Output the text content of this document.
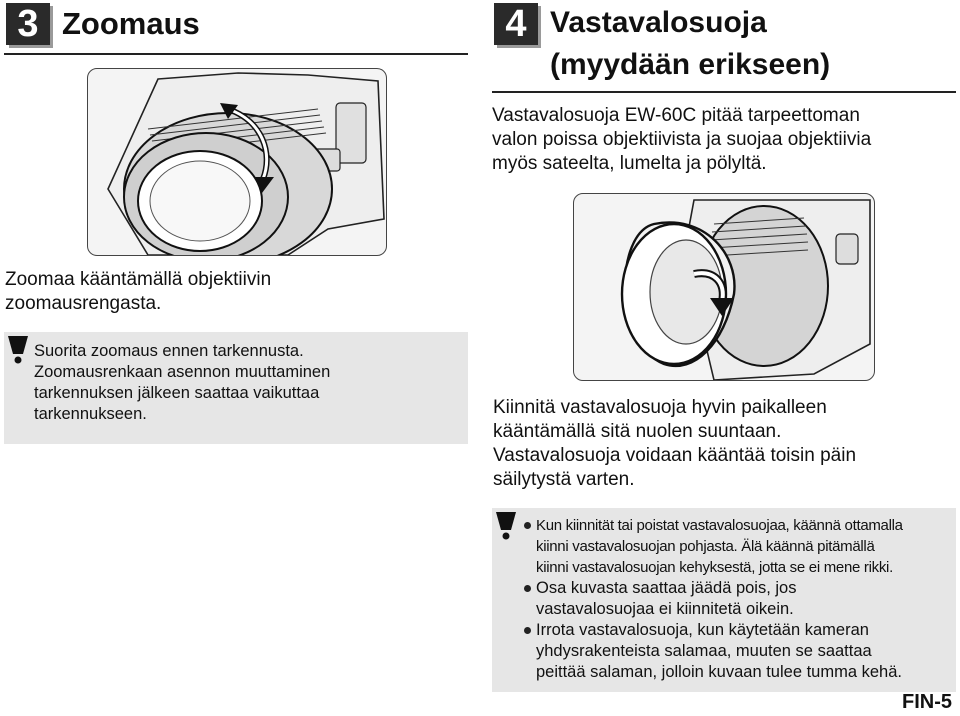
3 Zoomaus
Zoomaa kääntämällä objektiivin
zoomausrengasta.
Suorita zoomaus ennen tarkennusta.
Zoomausrenkaan asennon muuttaminen
tarkennuksen jälkeen saattaa vaikuttaa
tarkennukseen.
4 Vastavalosuoja
(myydään erikseen)
Vastavalosuoja EW-60C pitää tarpeettoman
valon poissa objektiivista ja suojaa objektiivia
myös sateelta, lumelta ja pölyltä.
Kiinnitä vastavalosuoja hyvin paikalleen
kääntämällä sitä nuolen suuntaan.
Vastavalosuoja voidaan kääntää toisin päin
säilytystä varten.
Kun kiinnität tai poistat vastavalosuojaa, käännä ottamalla
kiinni vastavalosuojan pohjasta. Älä käännä pitämällä
kiinni vastavalosuojan kehyksestä, jotta se ei mene rikki.
Osa kuvasta saattaa jäädä pois, jos
vastavalosuojaa ei kiinnitetä oikein.
Irrota vastavalosuoja, kun käytetään kameran
yhdysrakenteista salamaa, muuten se saattaa
peittää salaman, jolloin kuvaan tulee tumma kehä.
FIN-5
